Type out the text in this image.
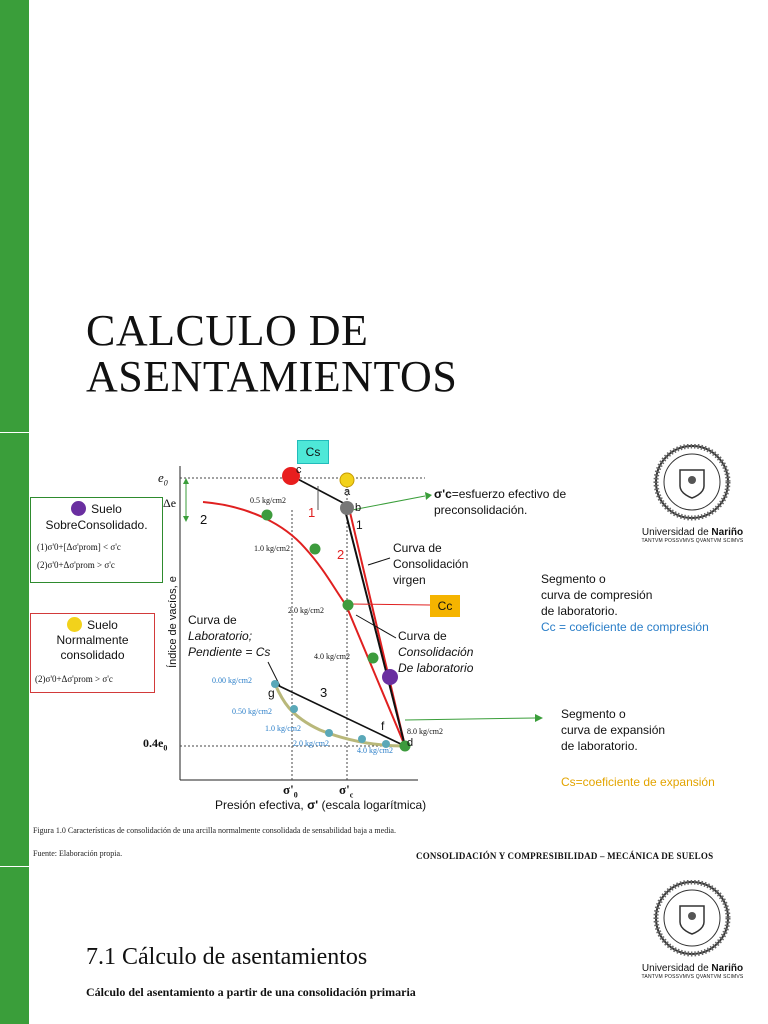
CALCULO DE
ASENTAMIENTOS
Cs
Cc
$e_0$
Δe
$0.4e_0$
Índice de vacíos, e
Presión efectiva, σ' (escala logarítmica)
$\sigma'_0$	$\sigma'_c$
c
a
b
d
f
g
1
1
2
2
3
0.5 kg/cm2
1.0 kg/cm2
2.0 kg/cm2
4.0 kg/cm2
8.0 kg/cm2
0.00 kg/cm2
0.50 kg/cm2
1.0 kg/cm2
2.0 kg/cm2
4.0 kg/cm2
σ'c=esfuerzo efectivo de
preconsolidación.
Curva de
Consolidación
virgen
Curva de
Consolidación
De laboratorio
Curva de
Laboratorio;
Pendiente = Cs
Segmento o
curva de compresión
de laboratorio.
Cc = coeficiente de compresión
Segmento o
curva de expansión
de laboratorio.
Cs=coeficiente de expansión
Suelo
SobreConsolidado.
(1)σ'0+[Δσ'prom] < σ'c
(2)σ'0+Δσ'prom > σ'c
Suelo
Normalmente
consolidado
(2)σ'0+Δσ'prom > σ'c
Universidad de Nariño
TANTVM POSSVMVS QVANTVM SCIMVS
Figura 1.0 Características de consolidación de una arcilla normalmente consolidada de sensabilidad baja a media.
Fuente: Elaboración propia.	CONSOLIDACIÓN Y COMPRESIBILIDAD – MECÁNICA DE SUELOS
Universidad de Nariño
TANTVM POSSVMVS QVANTVM SCIMVS
7.1 Cálculo de asentamientos
Cálculo del asentamiento a partir de una consolidación primaria
